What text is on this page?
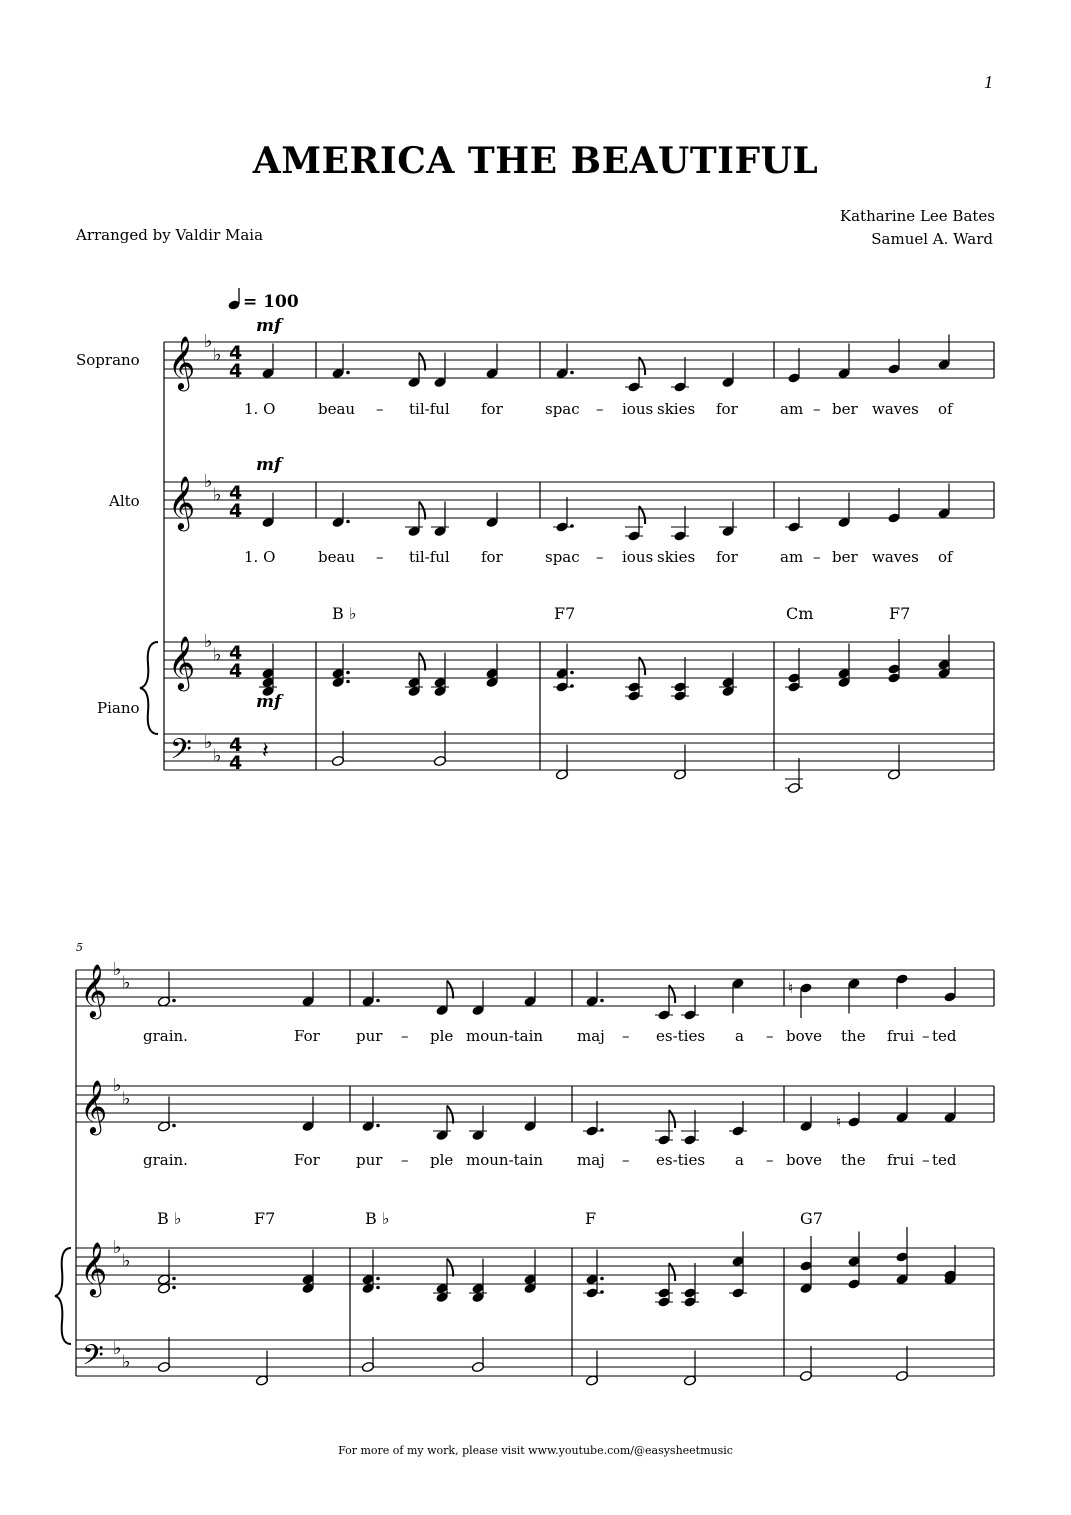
1
AMERICA THE BEAUTIFUL
Arranged by Valdir Maia
Katharine Lee Bates
Samuel A. Ward
For more of my work, please visit www.youtube.com/@easysheetmusic
𝄞 ♭
♭ 4
4
𝄞 ♭
♭ 4
4
𝄞 ♭
♭ 4
4
𝄢 ♭
♭ 4
4 𝄽
𝄞 ♭
♭
𝄞 ♭
♭
𝄞 ♭
♭
𝄢 ♭
♭
♮
♮
Soprano
Alto
Piano
= 100
mf
mf
mf
5
1. O	beau – til-ful for	spac – ious skies for	am – ber waves of
1. O	beau – til-ful for	spac – ious skies for	am – ber waves of
B ♭	F7	Cm	F7
grain.	For pur – ple moun-tain maj – es-ties a – bove the frui – ted
grain.	For pur – ple moun-tain maj – es-ties a – bove the frui – ted
B ♭	F7	B ♭	F	G7
